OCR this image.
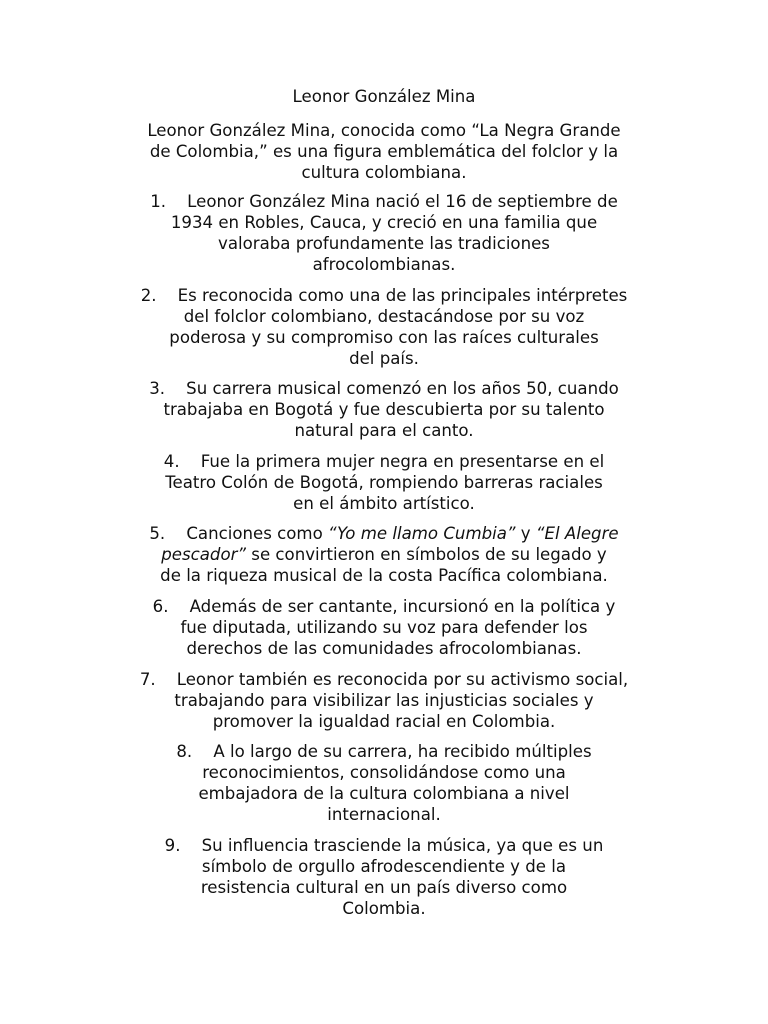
Leonor González Mina
Leonor González Mina, conocida como “La Negra Grande
de Colombia,” es una figura emblemática del folclor y la
cultura colombiana.
1. Leonor González Mina nació el 16 de septiembre de
1934 en Robles, Cauca, y creció en una familia que
valoraba profundamente las tradiciones
afrocolombianas.
2. Es reconocida como una de las principales intérpretes
del folclor colombiano, destacándose por su voz
poderosa y su compromiso con las raíces culturales
del país.
3. Su carrera musical comenzó en los años 50, cuando
trabajaba en Bogotá y fue descubierta por su talento
natural para el canto.
4. Fue la primera mujer negra en presentarse en el
Teatro Colón de Bogotá, rompiendo barreras raciales
en el ámbito artístico.
5. Canciones como “Yo me llamo Cumbia” y “El Alegre
pescador” se convirtieron en símbolos de su legado y
de la riqueza musical de la costa Pacífica colombiana.
6. Además de ser cantante, incursionó en la política y
fue diputada, utilizando su voz para defender los
derechos de las comunidades afrocolombianas.
7. Leonor también es reconocida por su activismo social,
trabajando para visibilizar las injusticias sociales y
promover la igualdad racial en Colombia.
8. A lo largo de su carrera, ha recibido múltiples
reconocimientos, consolidándose como una
embajadora de la cultura colombiana a nivel
internacional.
9. Su influencia trasciende la música, ya que es un
símbolo de orgullo afrodescendiente y de la
resistencia cultural en un país diverso como
Colombia.
